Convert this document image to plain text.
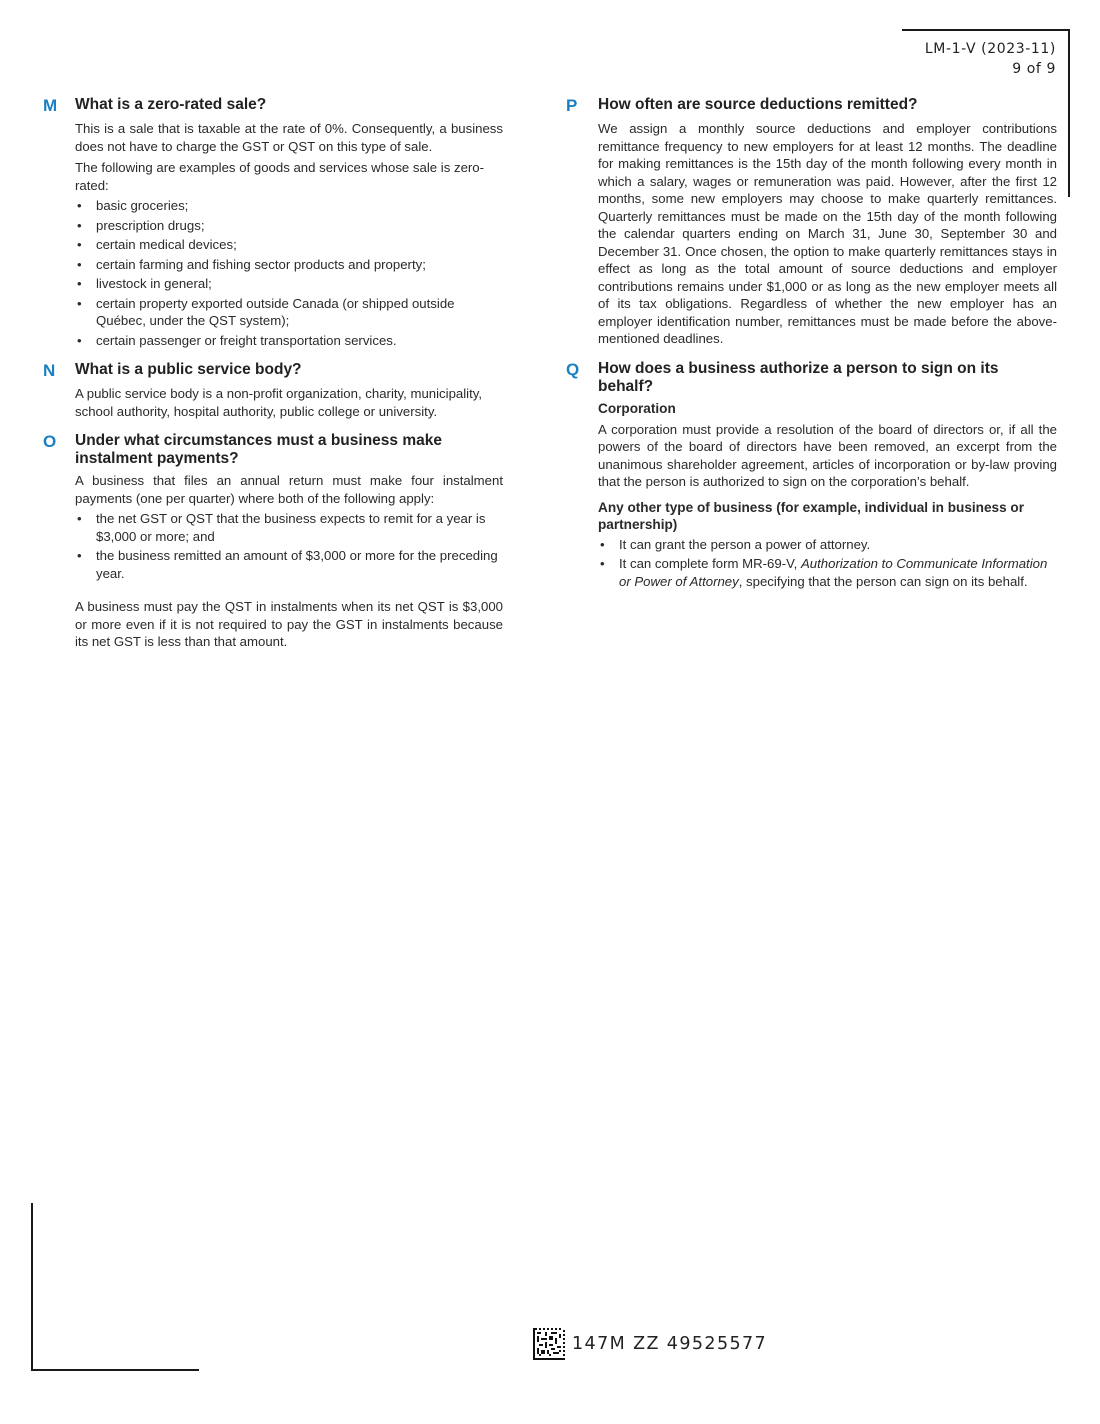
LM-1-V (2023-11)
9 of 9
M	What is a zero-rated sale?

This is a sale that is taxable at the rate of 0%. Consequently, a business does not have to charge the GST or QST on this type of sale.

The following are examples of goods and services whose sale is zero-rated:

• basic groceries;
• prescription drugs;
• certain medical devices;
• certain farming and fishing sector products and property;
• livestock in general;
• certain property exported outside Canada (or shipped outside Québec, under the QST system);
• certain passenger or freight transportation services.
N	What is a public service body?

A public service body is a non-profit organization, charity, municipality, school authority, hospital authority, public college or university.

O	Under what circumstances must a business make instalment payments?

A business that files an annual return must make four instalment payments (one per quarter) where both of the following apply:

• the net GST or QST that the business expects to remit for a year is $3,000 or more; and
• the business remitted an amount of $3,000 or more for the preceding year.

A business must pay the QST in instalments when its net QST is $3,000 or more even if it is not required to pay the GST in instalments because its net GST is less than that amount.

P	How often are source deductions remitted?

We assign a monthly source deductions and employer contributions remittance frequency to new employers for at least 12 months. The deadline for making remittances is the 15th day of the month following every month in which a salary, wages or remuneration was paid. However, after the first 12 months, some new employers may choose to make quarterly remittances. Quarterly remittances must be made on the 15th day of the month following the calendar quarters ending on March 31, June 30, September 30 and December 31. Once chosen, the option to make quarterly remittances stays in effect as long as the total amount of source deductions and employer contributions remains under $1,000 or as long as the new employer meets all of its tax obligations. Regardless of whether the new employer has an employer identification number, remittances must be made before the above-mentioned deadlines.

Q	How does a business authorize a person to sign on its behalf?
Corporation

A corporation must provide a resolution of the board of directors or, if all the powers of the board of directors have been removed, an excerpt from the unanimous shareholder agreement, articles of incorporation or by-law proving that the person is authorized to sign on the corporation’s behalf.

Any other type of business (for example, individual in business or partnership)
• It can grant the person a power of attorney.
• It can complete form MR-69-V, Authorization to Communicate Information or Power of Attorney, specifying that the person can sign on its behalf.
147M ZZ 49525577
